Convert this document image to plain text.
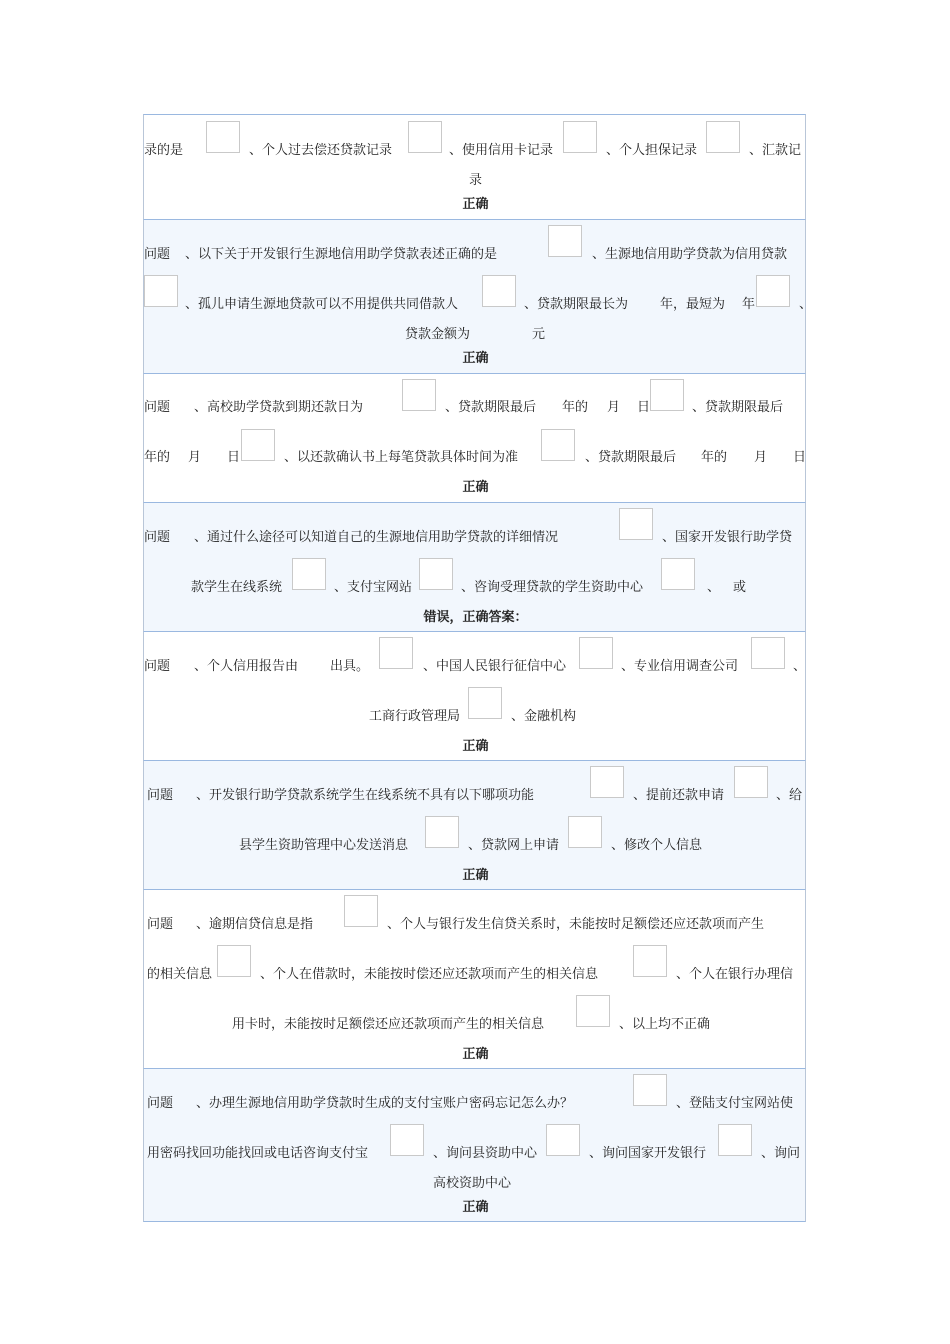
录的是	、个人过去偿还贷款记录	、使用信用卡记录	、个人担保记录	、汇款记
录
正确
问题 、以下关于开发银行生源地信用助学贷款表述正确的是	、生源地信用助学贷款为信用贷款
、孤儿申请生源地贷款可以不用提供共同借款人	、贷款期限最长为 年，最短为 年	、
贷款金额为	元
正确
问题 、高校助学贷款到期还款日为	、贷款期限最后 年的 月 日	、贷款期限最后
年的 月 日	、以还款确认书上每笔贷款具体时间为准	、贷款期限最后 年的 月 日
正确
问题 、通过什么途径可以知道自己的生源地信用助学贷款的详细情况	、国家开发银行助学贷
款学生在线系统	、支付宝网站	、咨询受理贷款的学生资助中心	、 或
错误，正确答案：
问题 、个人信用报告由 出具。	、中国人民银行征信中心	、专业信用调查公司	、
工商行政管理局	、金融机构
正确
问题 、开发银行助学贷款系统学生在线系统不具有以下哪项功能	、提前还款申请	、给
县学生资助管理中心发送消息	、贷款网上申请	、修改个人信息
正确
问题 、逾期信贷信息是指	、个人与银行发生信贷关系时，未能按时足额偿还应还款项而产生
的相关信息	、个人在借款时，未能按时偿还应还款项而产生的相关信息	、个人在银行办理信
用卡时，未能按时足额偿还应还款项而产生的相关信息	、以上均不正确
正确
问题 、办理生源地信用助学贷款时生成的支付宝账户密码忘记怎么办？	、登陆支付宝网站使
用密码找回功能找回或电话咨询支付宝	、询问县资助中心	、询问国家开发银行	、询问
高校资助中心
正确
